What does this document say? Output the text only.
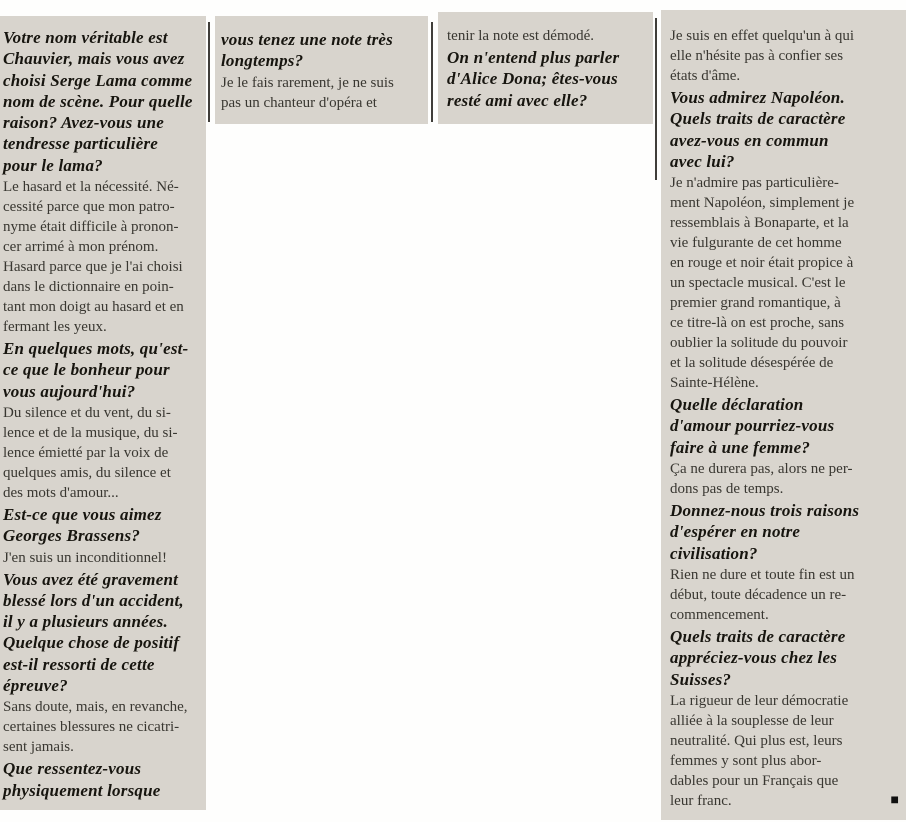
Votre nom véritable est
Chauvier, mais vous avez
choisi Serge Lama comme
nom de scène. Pour quelle
raison? Avez-vous une
tendresse particulière
pour le lama?

Le hasard et la nécessité. Né-
cessité parce que mon patro-
nyme était difficile à pronon-
cer arrimé à mon prénom.
Hasard parce que je l'ai choisi
dans le dictionnaire en poin-
tant mon doigt au hasard et en
fermant les yeux.

En quelques mots, qu'est-
ce que le bonheur pour
vous aujourd'hui?

Du silence et du vent, du si-
lence et de la musique, du si-
lence émietté par la voix de
quelques amis, du silence et
des mots d'amour...

Est-ce que vous aimez
Georges Brassens?

J'en suis un inconditionnel!

Vous avez été gravement
blessé lors d'un accident,
il y a plusieurs années.
Quelque chose de positif
est-il ressorti de cette
épreuve?

Sans doute, mais, en revanche,
certaines blessures ne cicatri-
sent jamais.

Que ressentez-vous
physiquement lorsque

vous tenez une note très
longtemps?

Je le fais rarement, je ne suis
pas un chanteur d'opéra et

tenir la note est démodé.

On n'entend plus parler
d'Alice Dona; êtes-vous
resté ami avec elle?

Je suis en effet quelqu'un à qui
elle n'hésite pas à confier ses
états d'âme.

Vous admirez Napoléon.
Quels traits de caractère
avez-vous en commun
avec lui?

Je n'admire pas particulière-
ment Napoléon, simplement je
ressemblais à Bonaparte, et la
vie fulgurante de cet homme
en rouge et noir était propice à
un spectacle musical. C'est le
premier grand romantique, à
ce titre-là on est proche, sans
oublier la solitude du pouvoir
et la solitude désespérée de
Sainte-Hélène.

Quelle déclaration
d'amour pourriez-vous
faire à une femme?

Ça ne durera pas, alors ne per-
dons pas de temps.

Donnez-nous trois raisons
d'espérer en notre
civilisation?

Rien ne dure et toute fin est un
début, toute décadence un re-
commencement.

Quels traits de caractère
appréciez-vous chez les
Suisses?

La rigueur de leur démocratie
alliée à la souplesse de leur
neutralité. Qui plus est, leurs
femmes y sont plus abor-
dables pour un Français que
leur franc.	■
